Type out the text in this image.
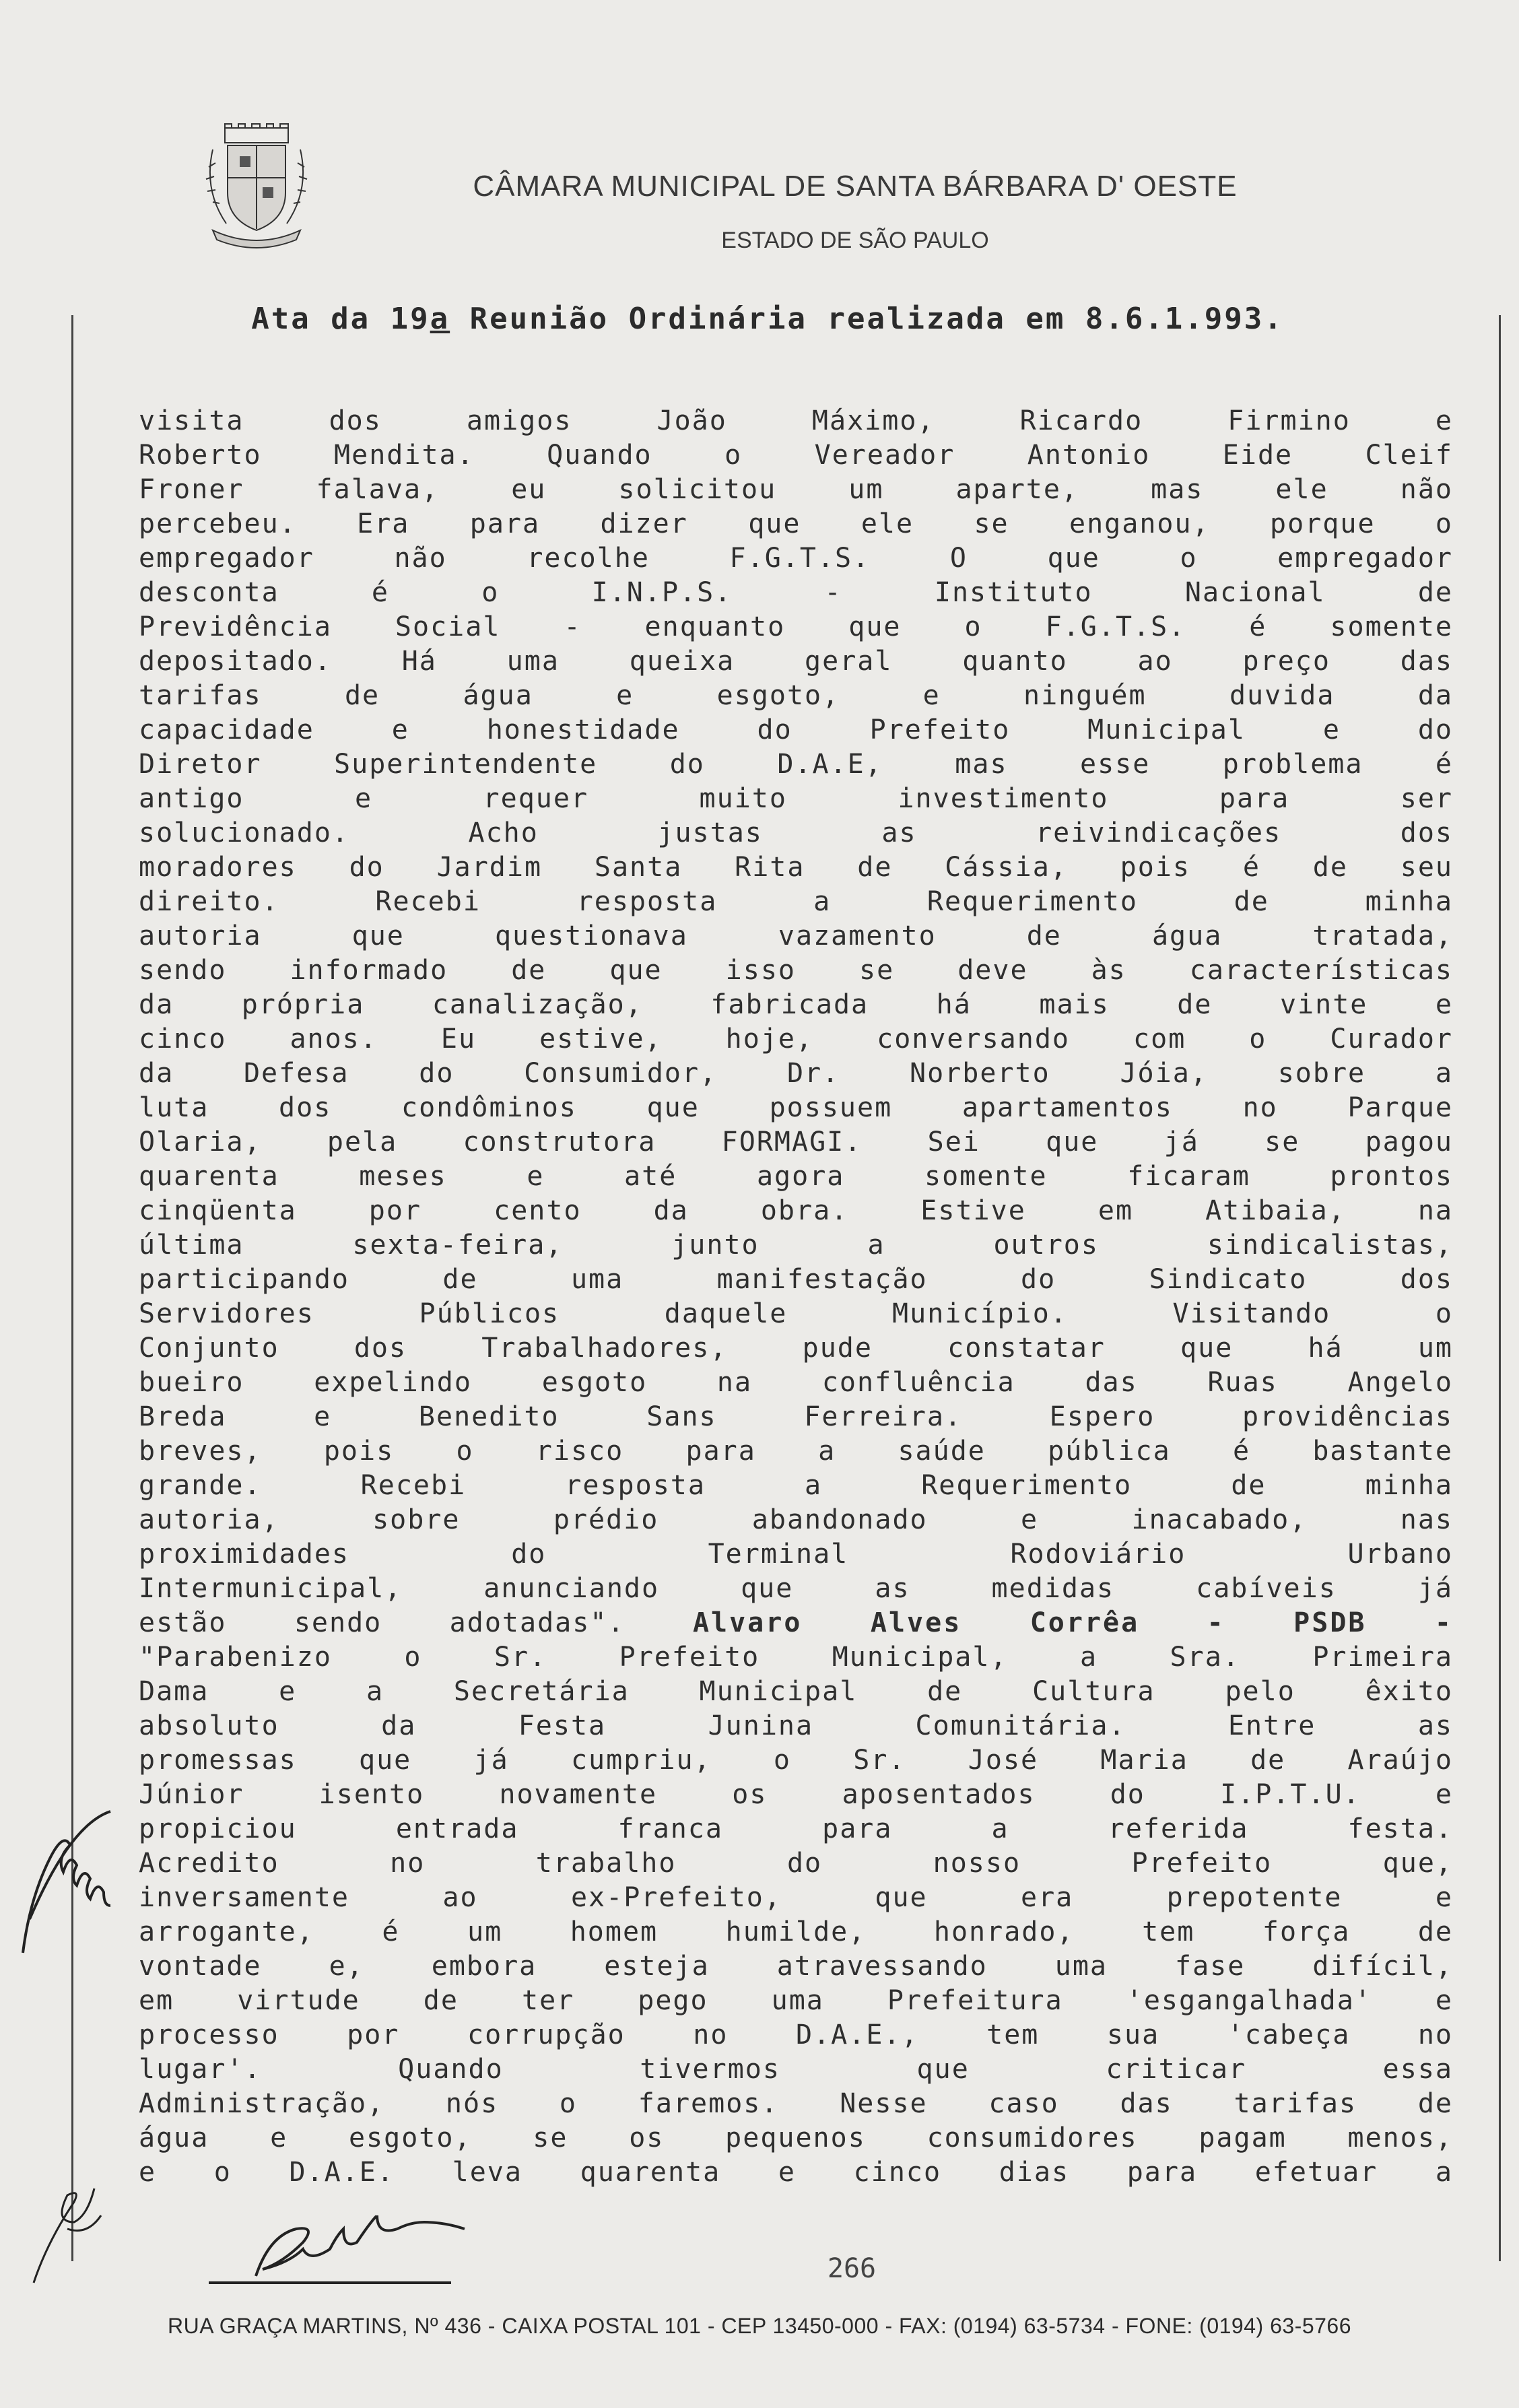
CÂMARA MUNICIPAL DE SANTA BÁRBARA D' OESTE
ESTADO DE SÃO PAULO
Ata da 19a Reunião Ordinária realizada em 8.6.1.993.
visita dos amigos João Máximo, Ricardo Firmino e
Roberto Mendita. Quando o Vereador Antonio Eide Cleif
Froner falava, eu solicitou um aparte, mas ele não
percebeu. Era para dizer que ele se enganou, porque o
empregador não recolhe F.G.T.S. O que o empregador
desconta é o I.N.P.S. - Instituto Nacional de
Previdência Social - enquanto que o F.G.T.S. é somente
depositado. Há uma queixa geral quanto ao preço das
tarifas de água e esgoto, e ninguém duvida da
capacidade e honestidade do Prefeito Municipal e do
Diretor Superintendente do D.A.E, mas esse problema é
antigo e requer muito investimento para ser
solucionado. Acho justas as reivindicações dos
moradores do Jardim Santa Rita de Cássia, pois é de seu
direito. Recebi resposta a Requerimento de minha
autoria que questionava vazamento de água tratada,
sendo informado de que isso se deve às características
da própria canalização, fabricada há mais de vinte e
cinco anos. Eu estive, hoje, conversando com o Curador
da Defesa do Consumidor, Dr. Norberto Jóia, sobre a
luta dos condôminos que possuem apartamentos no Parque
Olaria, pela construtora FORMAGI. Sei que já se pagou
quarenta meses e até agora somente ficaram prontos
cinqüenta por cento da obra. Estive em Atibaia, na
última sexta-feira, junto a outros sindicalistas,
participando de uma manifestação do Sindicato dos
Servidores Públicos daquele Município. Visitando o
Conjunto dos Trabalhadores, pude constatar que há um
bueiro expelindo esgoto na confluência das Ruas Angelo
Breda e Benedito Sans Ferreira. Espero providências
breves, pois o risco para a saúde pública é bastante
grande. Recebi resposta a Requerimento de minha
autoria, sobre prédio abandonado e inacabado, nas
proximidades do Terminal Rodoviário Urbano
Intermunicipal, anunciando que as medidas cabíveis já
estão sendo adotadas".	Alvaro Alves Corrêa	- PSDB -
"Parabenizo o Sr. Prefeito Municipal, a Sra. Primeira
Dama e a Secretária Municipal de Cultura pelo êxito
absoluto da Festa Junina Comunitária. Entre as
promessas que já cumpriu, o Sr. José Maria de Araújo
Júnior isento novamente os aposentados do I.P.T.U. e
propiciou entrada franca para a referida festa.
Acredito no trabalho do nosso Prefeito que,
inversamente ao ex-Prefeito, que era prepotente e
arrogante, é um homem humilde, honrado, tem força de
vontade e, embora esteja atravessando uma fase difícil,
em virtude de ter pego uma Prefeitura 'esgangalhada' e
processo por corrupção no D.A.E., tem sua 'cabeça no
lugar'. Quando tivermos que criticar essa
Administração, nós o faremos. Nesse caso das tarifas de
água e esgoto, se os pequenos consumidores pagam menos,
e o D.A.E. leva quarenta e cinco dias para efetuar a
266
RUA GRAÇA MARTINS, Nº 436 - CAIXA POSTAL 101 - CEP 13450-000 - FAX: (0194) 63-5734 - FONE: (0194) 63-5766
